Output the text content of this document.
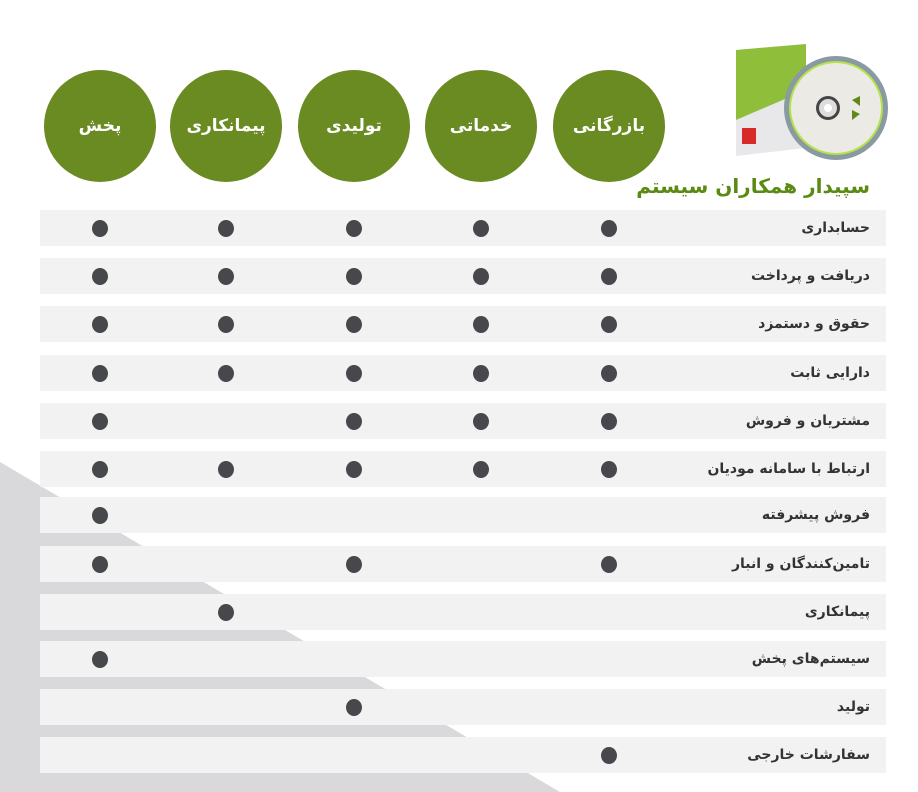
سپیدار همکاران سیستم
بازرگانی
خدماتی
تولیدی
پیمانکاری
پخش
حسابداری
دریافت و پرداخت
حقوق و دستمزد
دارایی ثابت
مشتریان و فروش
ارتباط با سامانه مودیان
فروش پیشرفته
تامین‌کنندگان و انبار
پیمانکاری
سیستم‌های پخش
تولید
سفارشات خارجی
